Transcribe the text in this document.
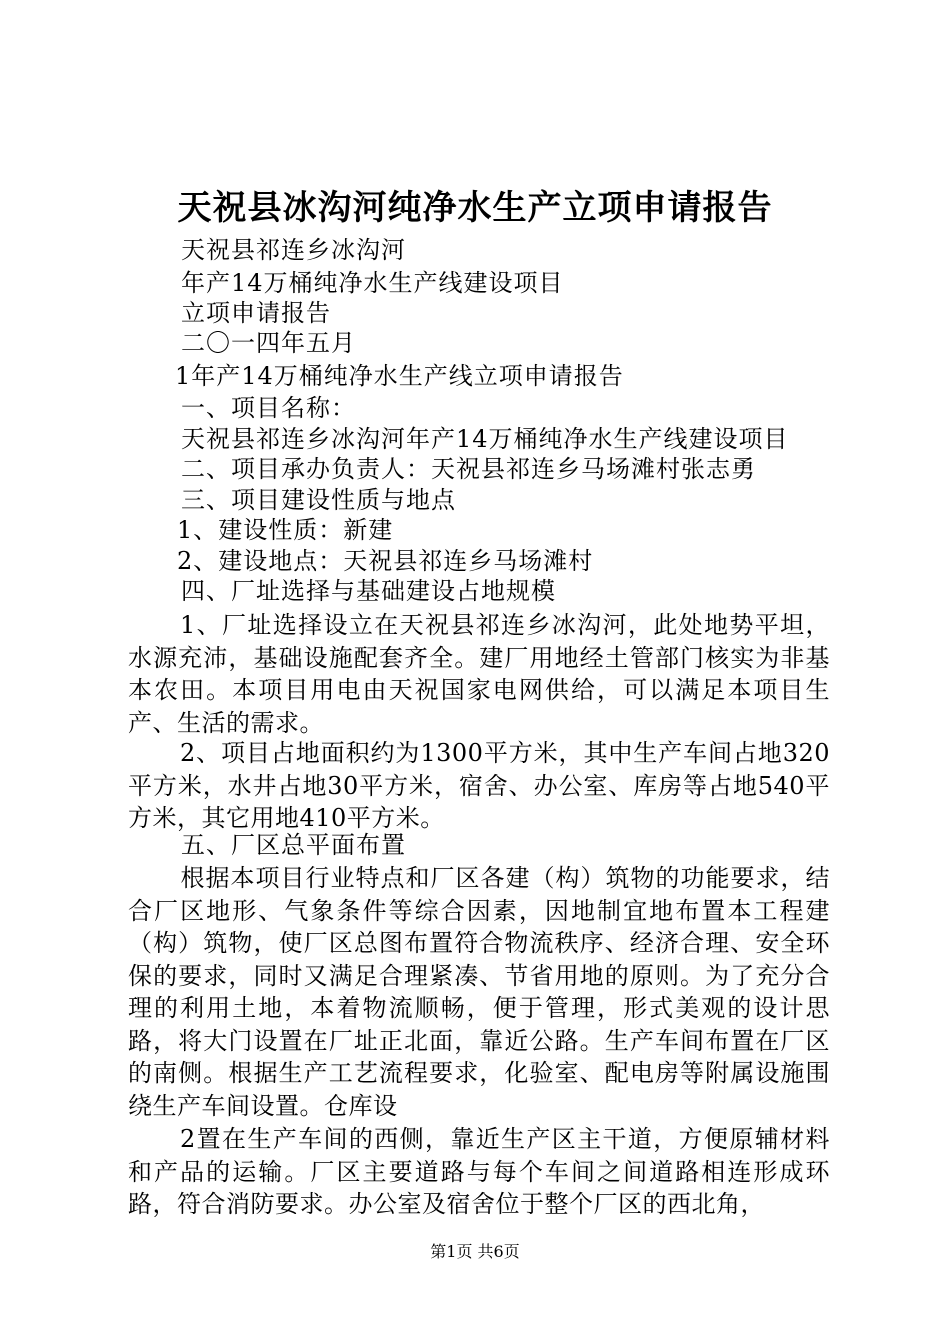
天祝县冰沟河纯净水生产立项申请报告
天祝县祁连乡冰沟河
年产14万桶纯净水生产线建设项目
立项申请报告
二〇一四年五月
1年产14万桶纯净水生产线立项申请报告
一、项目名称：
天祝县祁连乡冰沟河年产14万桶纯净水生产线建设项目
二、项目承办负责人：天祝县祁连乡马场滩村张志勇
三、项目建设性质与地点
1、建设性质：新建
2、建设地点：天祝县祁连乡马场滩村
四、厂址选择与基础建设占地规模
1、厂址选择设立在天祝县祁连乡冰沟河，此处地势平坦，水源充沛，基础设施配套齐全。建厂用地经土管部门核实为非基本农田。本项目用电由天祝国家电网供给，可以满足本项目生产、生活的需求。
2、项目占地面积约为1300平方米，其中生产车间占地320平方米，水井占地30平方米，宿舍、办公室、库房等占地540平方米，其它用地410平方米。
五、厂区总平面布置
根据本项目行业特点和厂区各建（构）筑物的功能要求，结合厂区地形、气象条件等综合因素，因地制宜地布置本工程建（构）筑物，使厂区总图布置符合物流秩序、经济合理、安全环保的要求，同时又满足合理紧凑、节省用地的原则。为了充分合理的利用土地，本着物流顺畅，便于管理，形式美观的设计思路，将大门设置在厂址正北面，靠近公路。生产车间布置在厂区的南侧。根据生产工艺流程要求，化验室、配电房等附属设施围绕生产车间设置。仓库设
2置在生产车间的西侧，靠近生产区主干道，方便原辅材料和产品的运输。厂区主要道路与每个车间之间道路相连形成环路，符合消防要求。办公室及宿舍位于整个厂区的西北角，
第1页 共6页
